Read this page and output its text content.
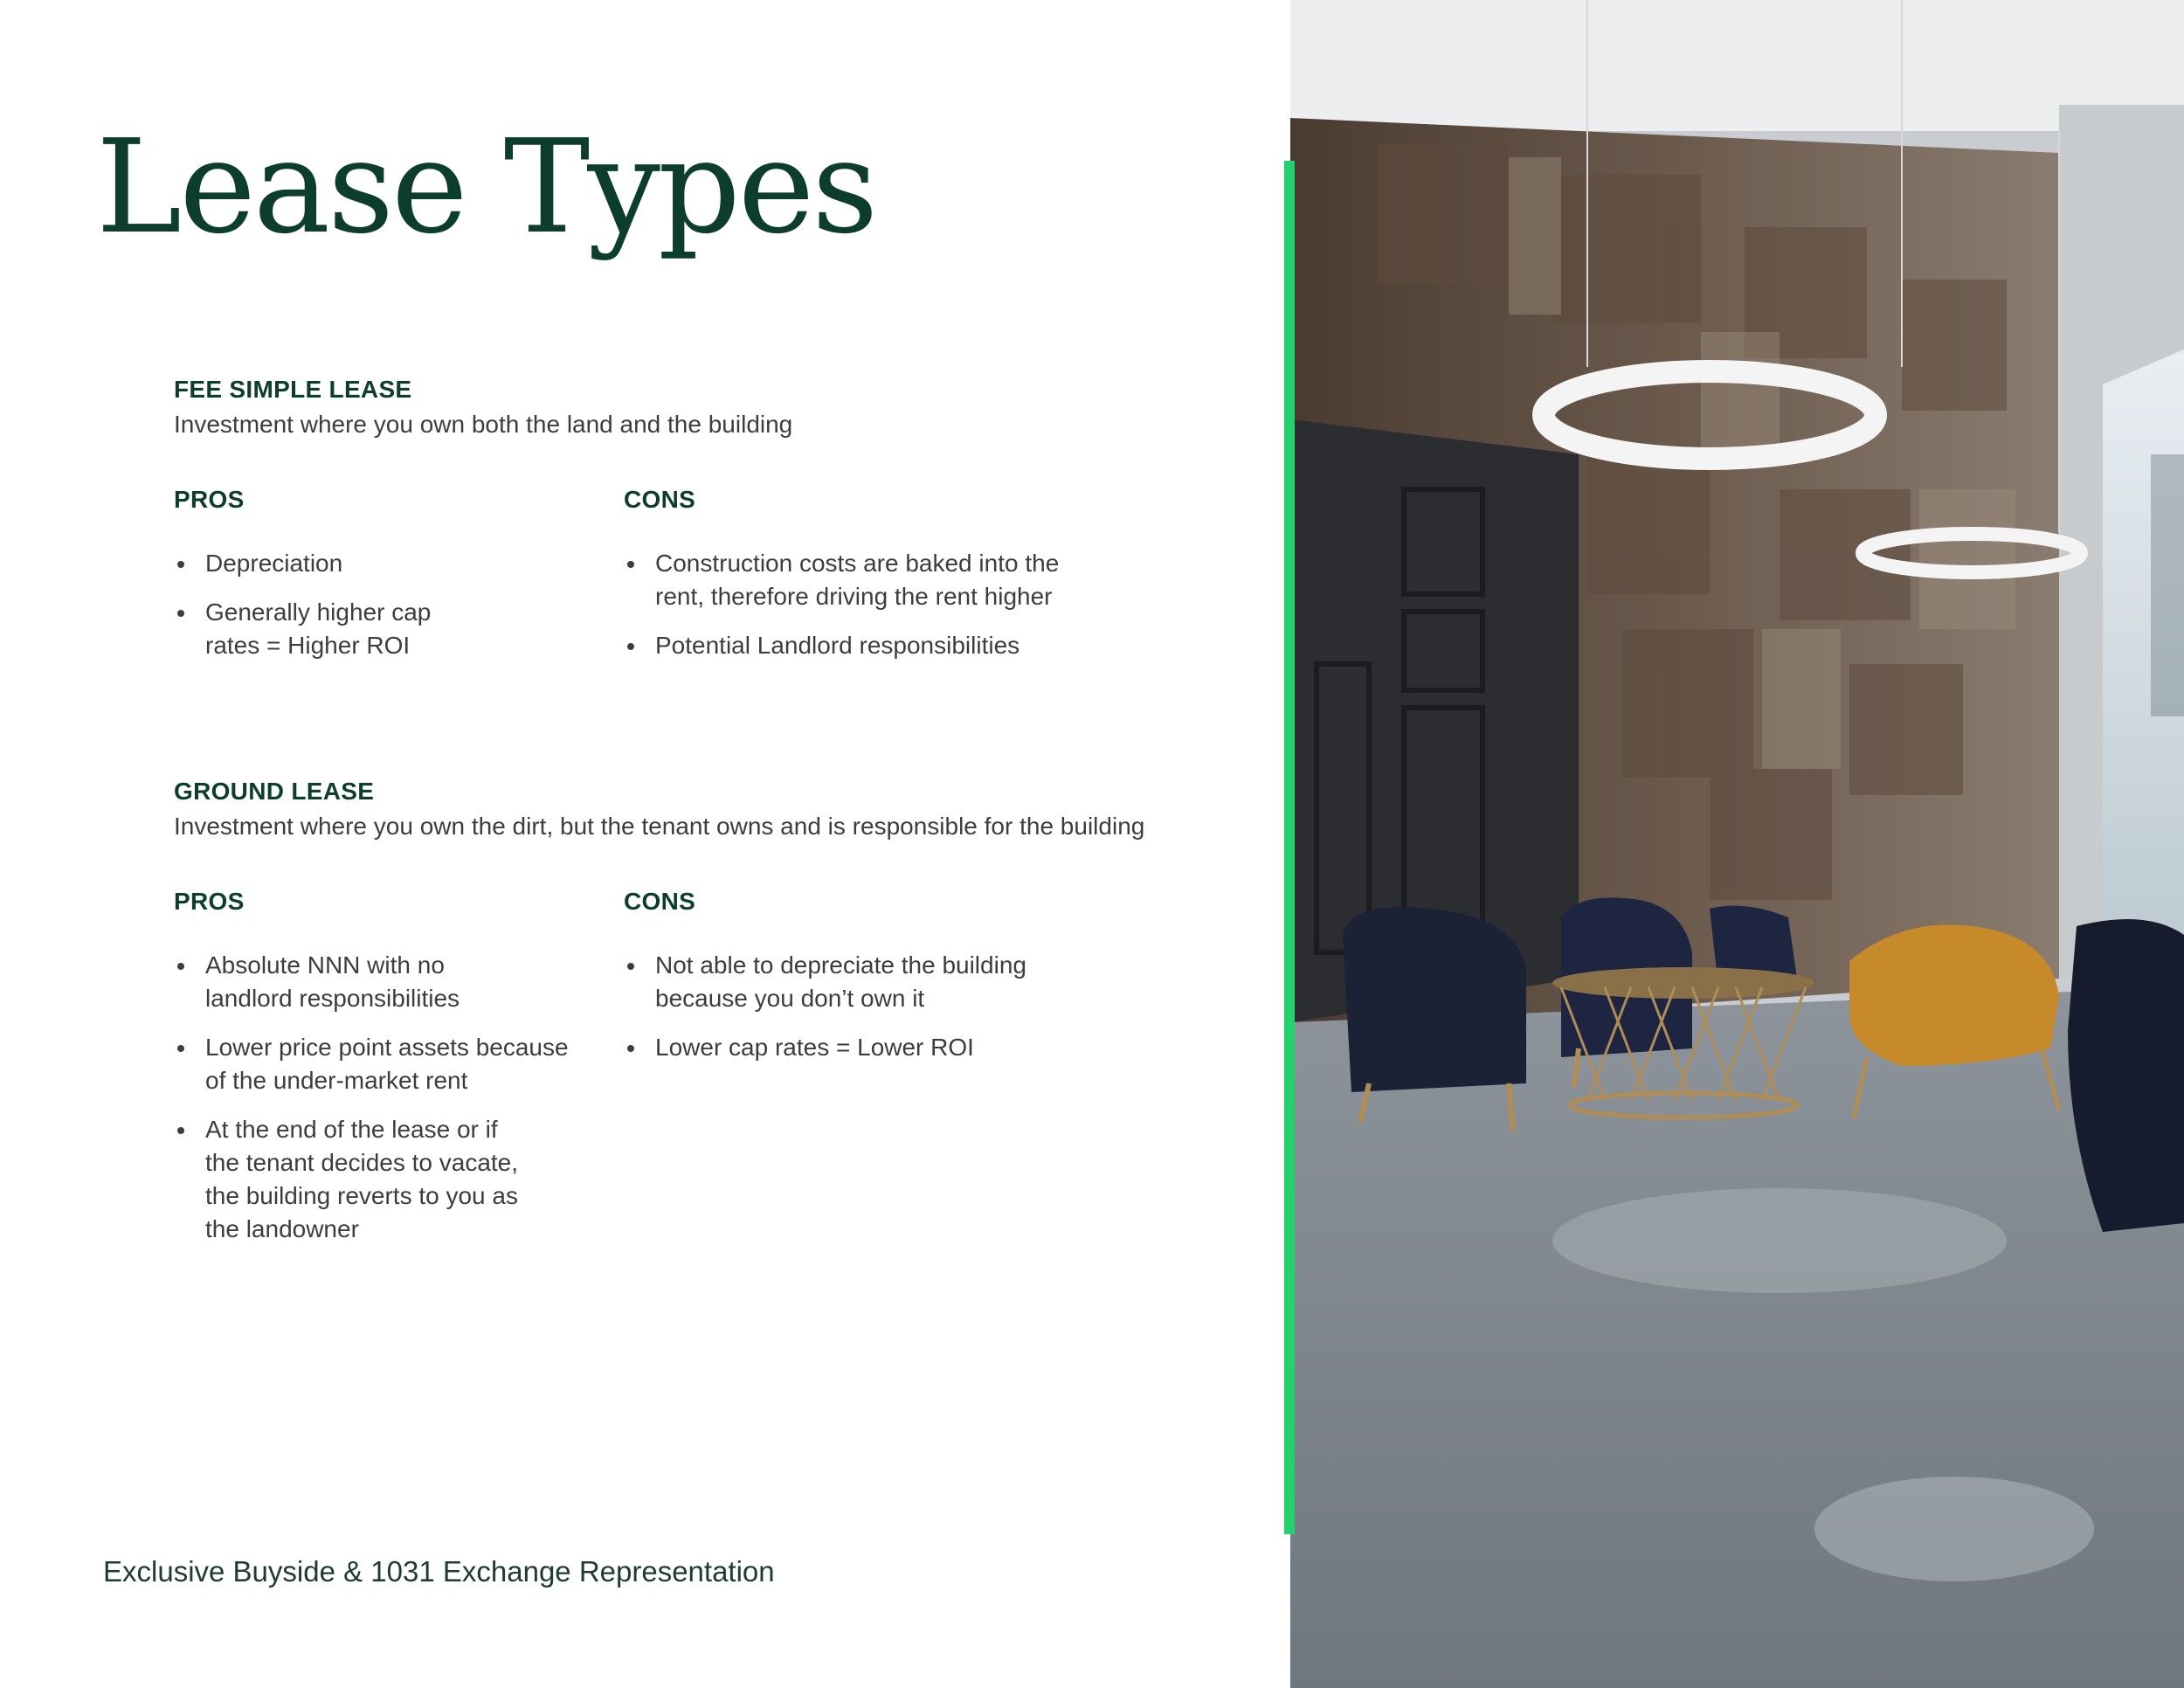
Lease Types
FEE SIMPLE LEASE
Investment where you own both the land and the building
PROS
Depreciation
Generally higher cap rates = Higher ROI
CONS
Construction costs are baked into the rent, therefore driving the rent higher
Potential Landlord responsibilities
GROUND LEASE
Investment where you own the dirt, but the tenant owns and is responsible for the building
PROS
Absolute NNN with no landlord responsibilities
Lower price point assets because of the under-market rent
At the end of the lease or if the tenant decides to vacate, the building reverts to you as the landowner
CONS
Not able to depreciate the building because you don’t own it
Lower cap rates = Lower ROI
Exclusive Buyside & 1031 Exchange Representation
